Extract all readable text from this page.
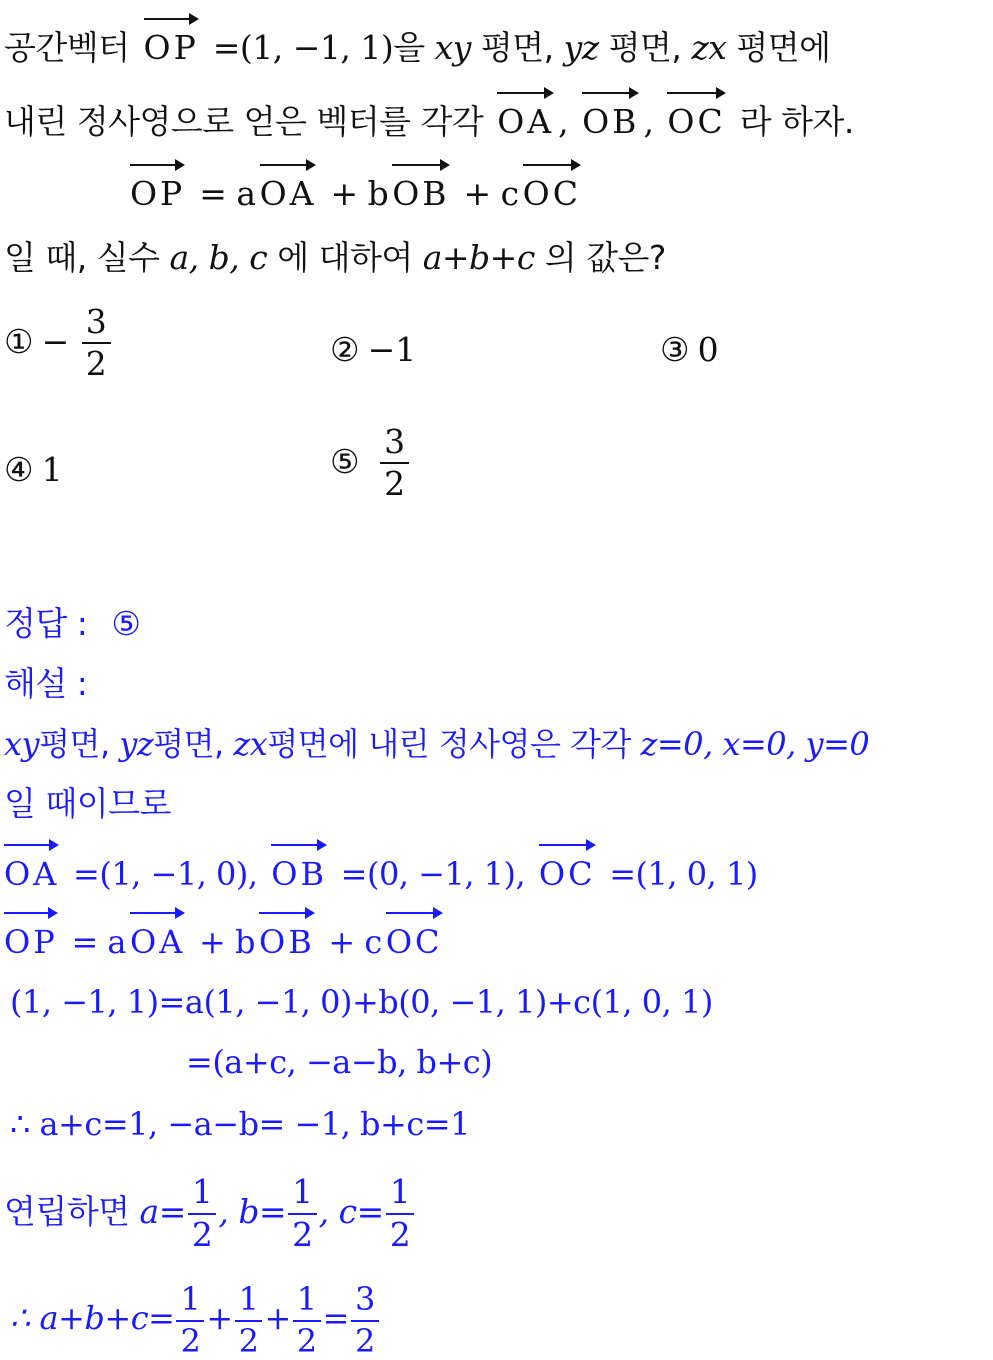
공간벡터 OP =(1, −1, 1)을 xy 평면, yz 평면, zx 평면에
내린 정사영으로 얻은 벡터를 각각 OA , OB , OC 라 하자.
OP = a OA + b OB + c OC
일 때, 실수 a, b, c 에 대하여 a+b+c 의 값은?
① − $\frac{3}{2}$	② −1	③ 0
④ 1	⑤ $\frac{3}{2}$
정답 : ⑤
해설 :
xy평면, yz평면, zx평면에 내린 정사영은 각각 z=0, x=0, y=0
일 때이므로
OA =(1, −1, 0), OB =(0, −1, 1), OC =(1, 0, 1)
OP = a OA + b OB + c OC
(1, −1, 1)=a(1, −1, 0)+b(0, −1, 1)+c(1, 0, 1)
=(a+c, −a−b, b+c)
∴ a+c=1, −a−b= −1, b+c=1
연립하면 $a= \frac{1}{2}$ , $b= \frac{1}{2}$ , $c= \frac{1}{2}$
∴ $a+b+c= \frac{1}{2} + \frac{1}{2} + \frac{1}{2} = \frac{3}{2}$
